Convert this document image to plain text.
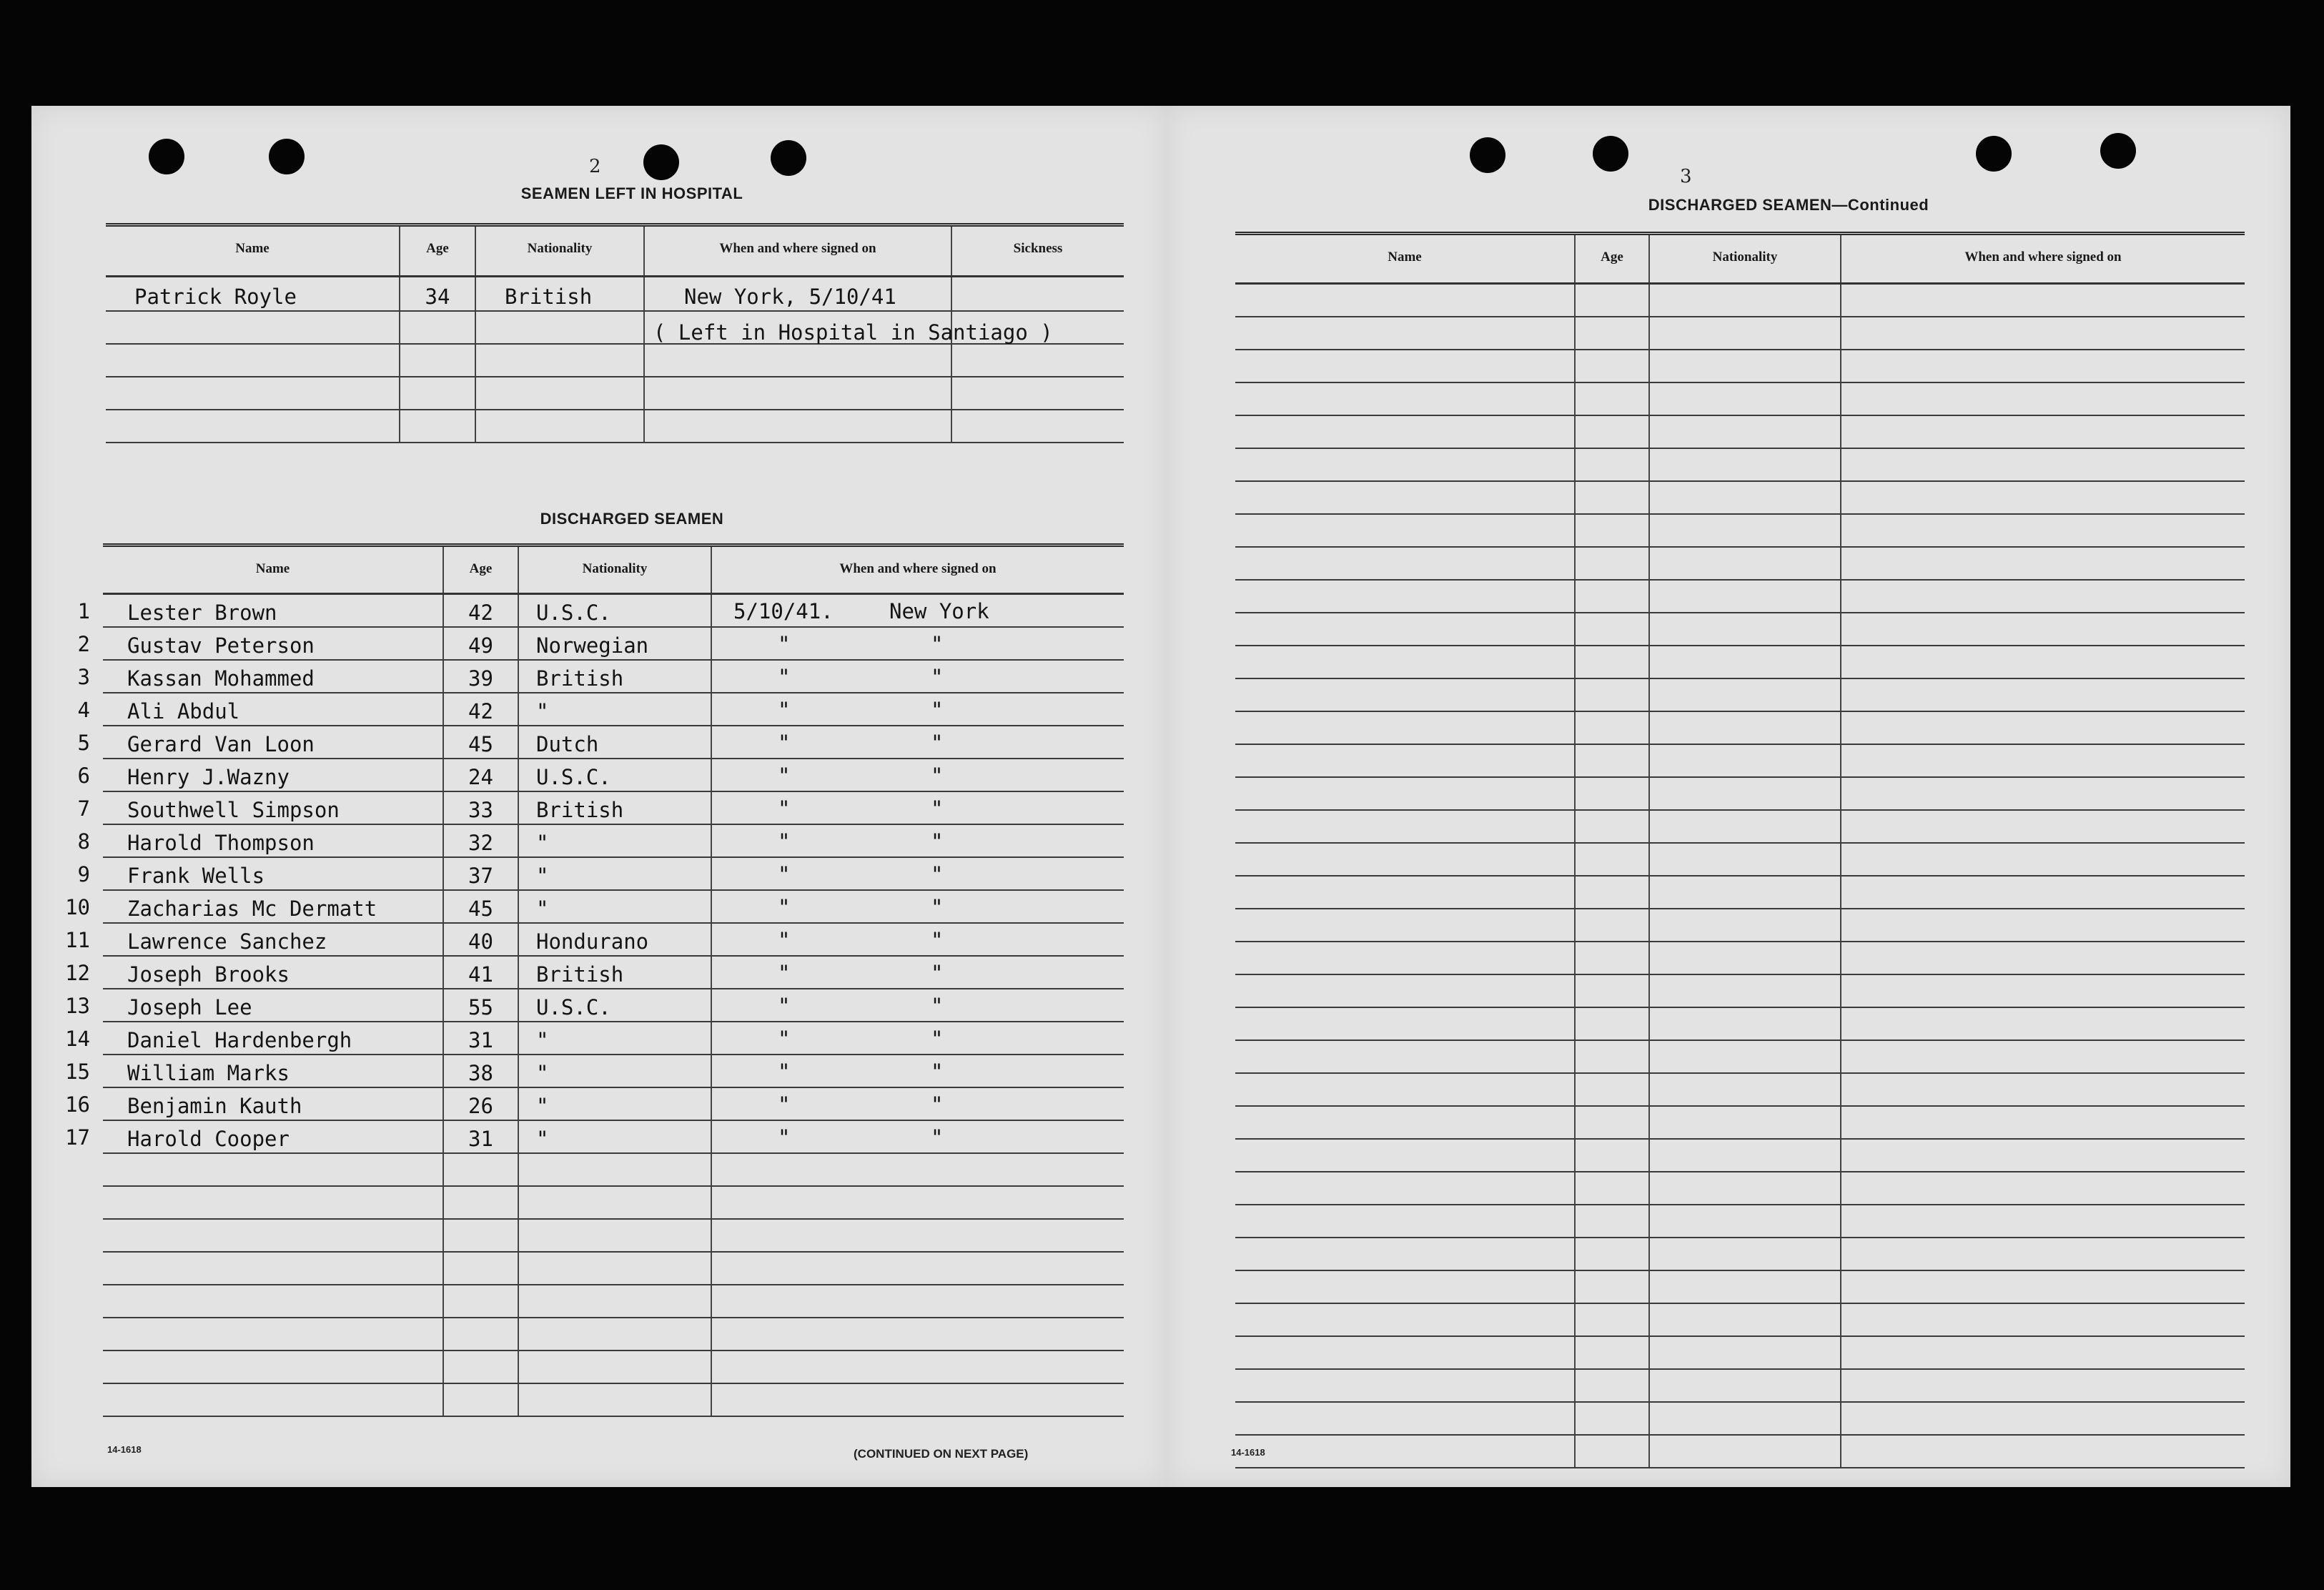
2
SEAMEN LEFT IN HOSPITAL
Name	Age	Nationality	When and where signed on	Sickness
Patrick Royle	34	British	New York, 5/10/41	

( Left in Hospital in Santiago )
DISCHARGED SEAMEN
Name	Age	Nationality	When and where signed on

1 Lester Brown	42	U.S.C.	5/10/41. New York

2 Gustav Peterson	49	Norwegian	" "

3 Kassan Mohammed	39	British	" "

4 Ali Abdul	42	"	" "

5 Gerard Van Loon	45	Dutch	" "

6 Henry J.Wazny	24	U.S.C.	" "

7 Southwell Simpson	33	British	" "

8 Harold Thompson	32	"	" "

9 Frank Wells	37	"	" "

10 Zacharias Mc Dermatt	45	"	" "

11 Lawrence Sanchez	40	Hondurano	" "

12 Joseph Brooks	41	British	" "

13 Joseph Lee	55	U.S.C.	" "

14 Daniel Hardenbergh	31	"	" "

15 William Marks	38	"	" "

16 Benjamin Kauth	26	"	" "

17 Harold Cooper	31	"	" "

14-1618	(CONTINUED ON NEXT PAGE)
3
DISCHARGED SEAMEN—Continued
Name	Age	Nationality	When and where signed on

14-1618
